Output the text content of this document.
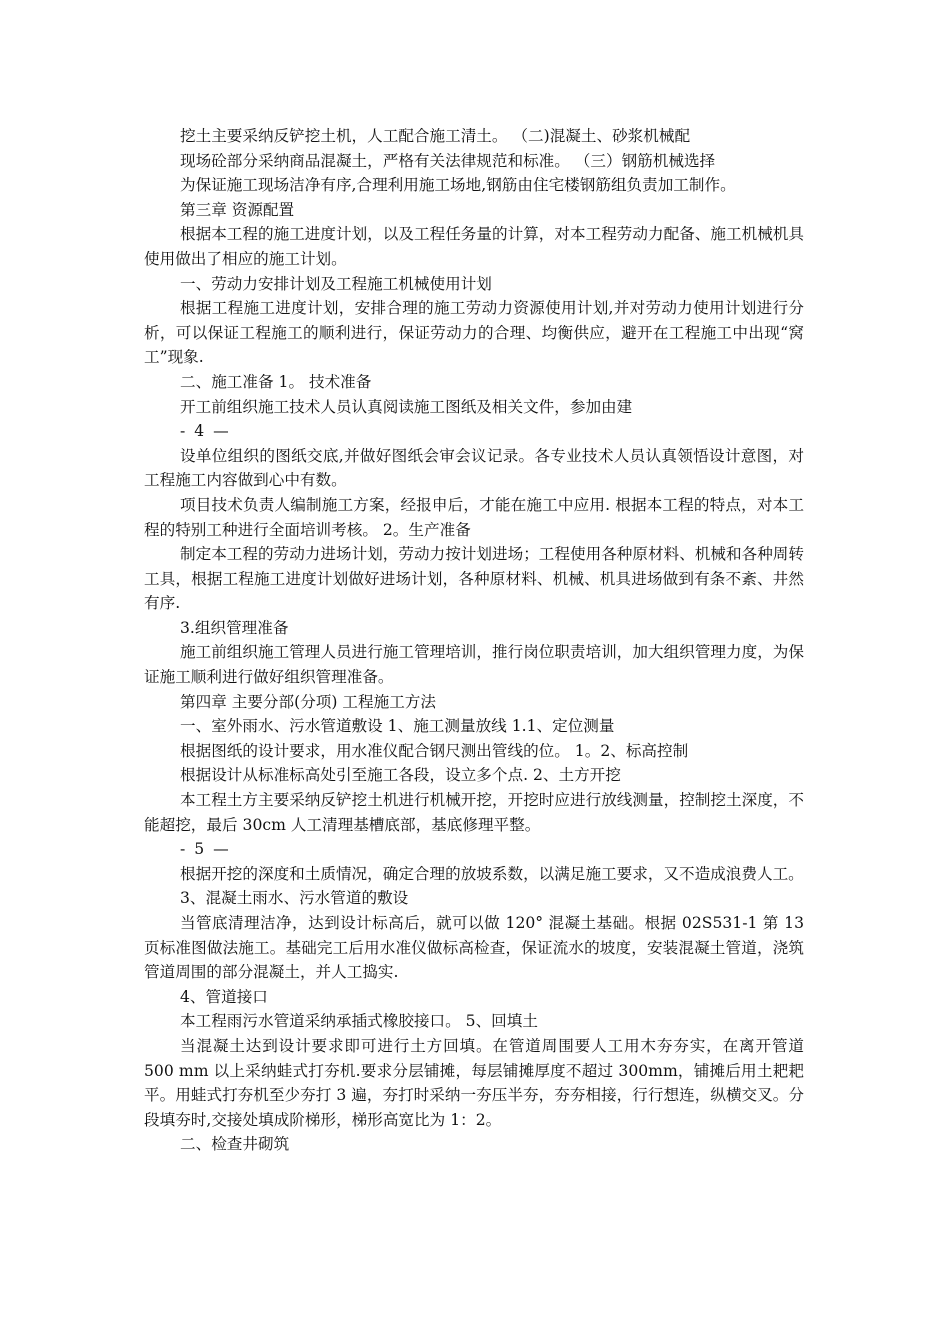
挖土主要采纳反铲挖土机，人工配合施工清土。 （二)混凝土、砂浆机械配

现场砼部分采纳商品混凝土，严格有关法律规范和标准。 （三）钢筋机械选择

为保证施工现场洁净有序,合理利用施工场地,钢筋由住宅楼钢筋组负责加工制作。

第三章 资源配置

根据本工程的施工进度计划，以及工程任务量的计算，对本工程劳动力配备、施工机械机具使用做出了相应的施工计划。

一、劳动力安排计划及工程施工机械使用计划

根据工程施工进度计划，安排合理的施工劳动力资源使用计划,并对劳动力使用计划进行分析，可以保证工程施工的顺利进行，保证劳动力的合理、均衡供应，避开在工程施工中出现“窝工”现象.

二、施工准备 1。 技术准备

开工前组织施工技术人员认真阅读施工图纸及相关文件，参加由建

- 4 —

设单位组织的图纸交底,并做好图纸会审会议记录。各专业技术人员认真领悟设计意图，对工程施工内容做到心中有数。

项目技术负责人编制施工方案，经报申后，才能在施工中应用. 根据本工程的特点，对本工程的特别工种进行全面培训考核。 2。生产准备

制定本工程的劳动力进场计划，劳动力按计划进场；工程使用各种原材料、机械和各种周转工具，根据工程施工进度计划做好进场计划，各种原材料、机械、机具进场做到有条不紊、井然有序.

3.组织管理准备

施工前组织施工管理人员进行施工管理培训，推行岗位职责培训，加大组织管理力度，为保证施工顺利进行做好组织管理准备。

第四章 主要分部(分项) 工程施工方法

一、室外雨水、污水管道敷设 1、施工测量放线 1.1、定位测量

根据图纸的设计要求，用水准仪配合钢尺测出管线的位。 1。2、标高控制

根据设计从标准标高处引至施工各段，设立多个点. 2、土方开挖

本工程土方主要采纳反铲挖土机进行机械开挖，开挖时应进行放线测量，控制挖土深度，不能超挖，最后 30cm 人工清理基槽底部，基底修理平整。

- 5 —

根据开挖的深度和土质情况，确定合理的放坡系数，以满足施工要求，又不造成浪费人工。

3、混凝土雨水、污水管道的敷设

当管底清理洁净，达到设计标高后，就可以做 120° 混凝土基础。根据 02S531-1 第 13 页标准图做法施工。基础完工后用水准仪做标高检查，保证流水的坡度，安装混凝土管道，浇筑管道周围的部分混凝土，并人工捣实.

4、管道接口

本工程雨污水管道采纳承插式橡胶接口。 5、回填土

当混凝土达到设计要求即可进行土方回填。在管道周围要人工用木夯夯实，在离开管道 500 mm 以上采纳蛙式打夯机.要求分层铺摊，每层铺摊厚度不超过 300mm，铺摊后用土耙耙平。用蛙式打夯机至少夯打 3 遍，夯打时采纳一夯压半夯，夯夯相接，行行想连，纵横交叉。分段填夯时,交接处填成阶梯形，梯形高宽比为 1：2。

二、检查井砌筑
